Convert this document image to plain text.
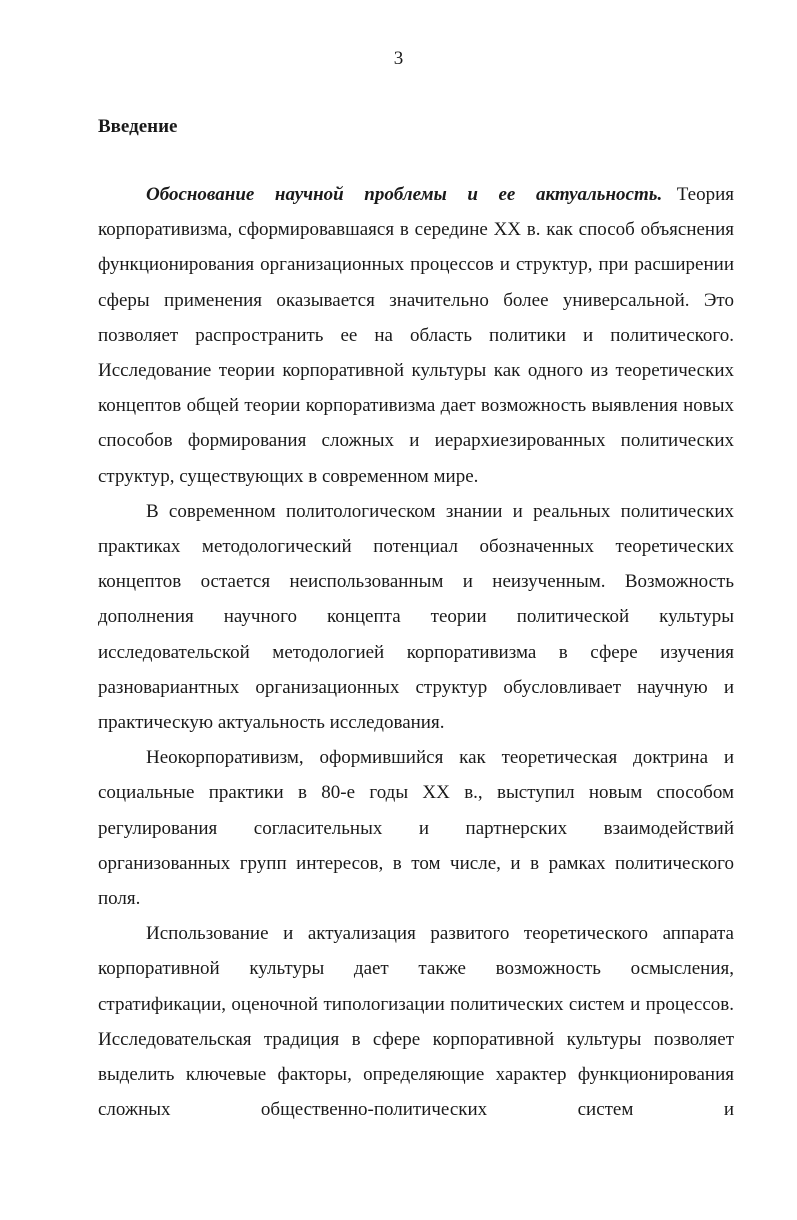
3
Введение

Обоснование научной проблемы и ее актуальность. Теория корпоративизма, сформировавшаяся в середине XX в. как способ объяснения функционирования организационных процессов и структур, при расширении сферы применения оказывается значительно более универсальной. Это позволяет распространить ее на область политики и политического. Исследование теории корпоративной культуры как одного из теоретических концептов общей теории корпоративизма дает возможность выявления новых способов формирования сложных и иерархиезированных политических структур, существующих в современном мире.

В современном политологическом знании и реальных политических практиках методологический потенциал обозначенных теоретических концептов остается неиспользованным и неизученным. Возможность дополнения научного концепта теории политической культуры исследовательской методологией корпоративизма в сфере изучения разновариантных организационных структур обусловливает научную и практическую актуальность исследования.

Неокорпоративизм, оформившийся как теоретическая доктрина и социальные практики в 80-е годы XX в., выступил новым способом регулирования согласительных и партнерских взаимодействий организованных групп интересов, в том числе, и в рамках политического поля.

Использование и актуализация развитого теоретического аппарата корпоративной культуры дает также возможность осмысления, стратификации, оценочной типологизации политических систем и процессов. Исследовательская традиция в сфере корпоративной культуры позволяет выделить ключевые факторы, определяющие характер функционирования сложных общественно-политических систем и
